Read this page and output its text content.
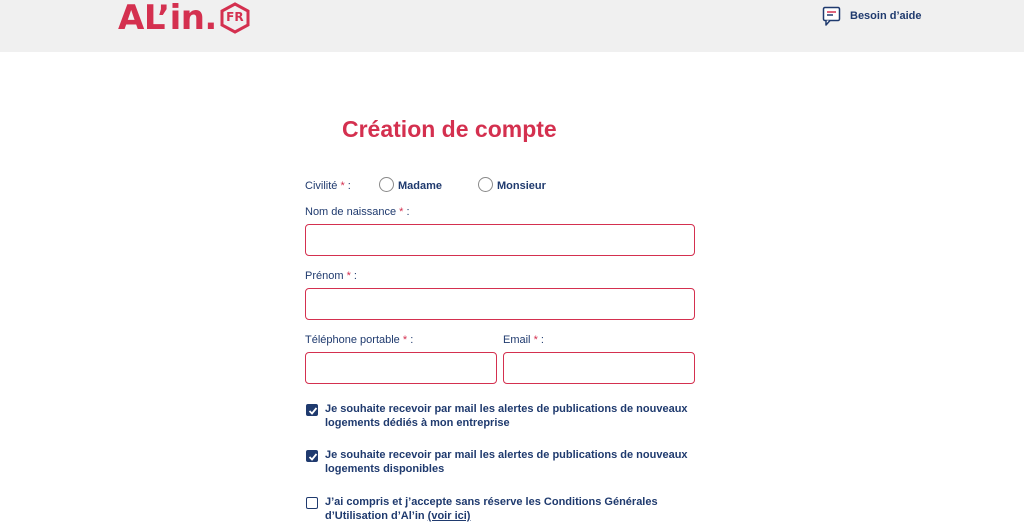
AL’in. FR	Besoin d’aide
Création de compte
Civilité * :	Madame	Monsieur
Nom de naissance * :
Prénom * :
Téléphone portable * :	Email * :
Je souhaite recevoir par mail les alertes de publications de nouveaux logements dédiés à mon entreprise
Je souhaite recevoir par mail les alertes de publications de nouveaux logements disponibles
J’ai compris et j’accepte sans réserve les Conditions Générales d’Utilisation d’Al’in (voir ici)
